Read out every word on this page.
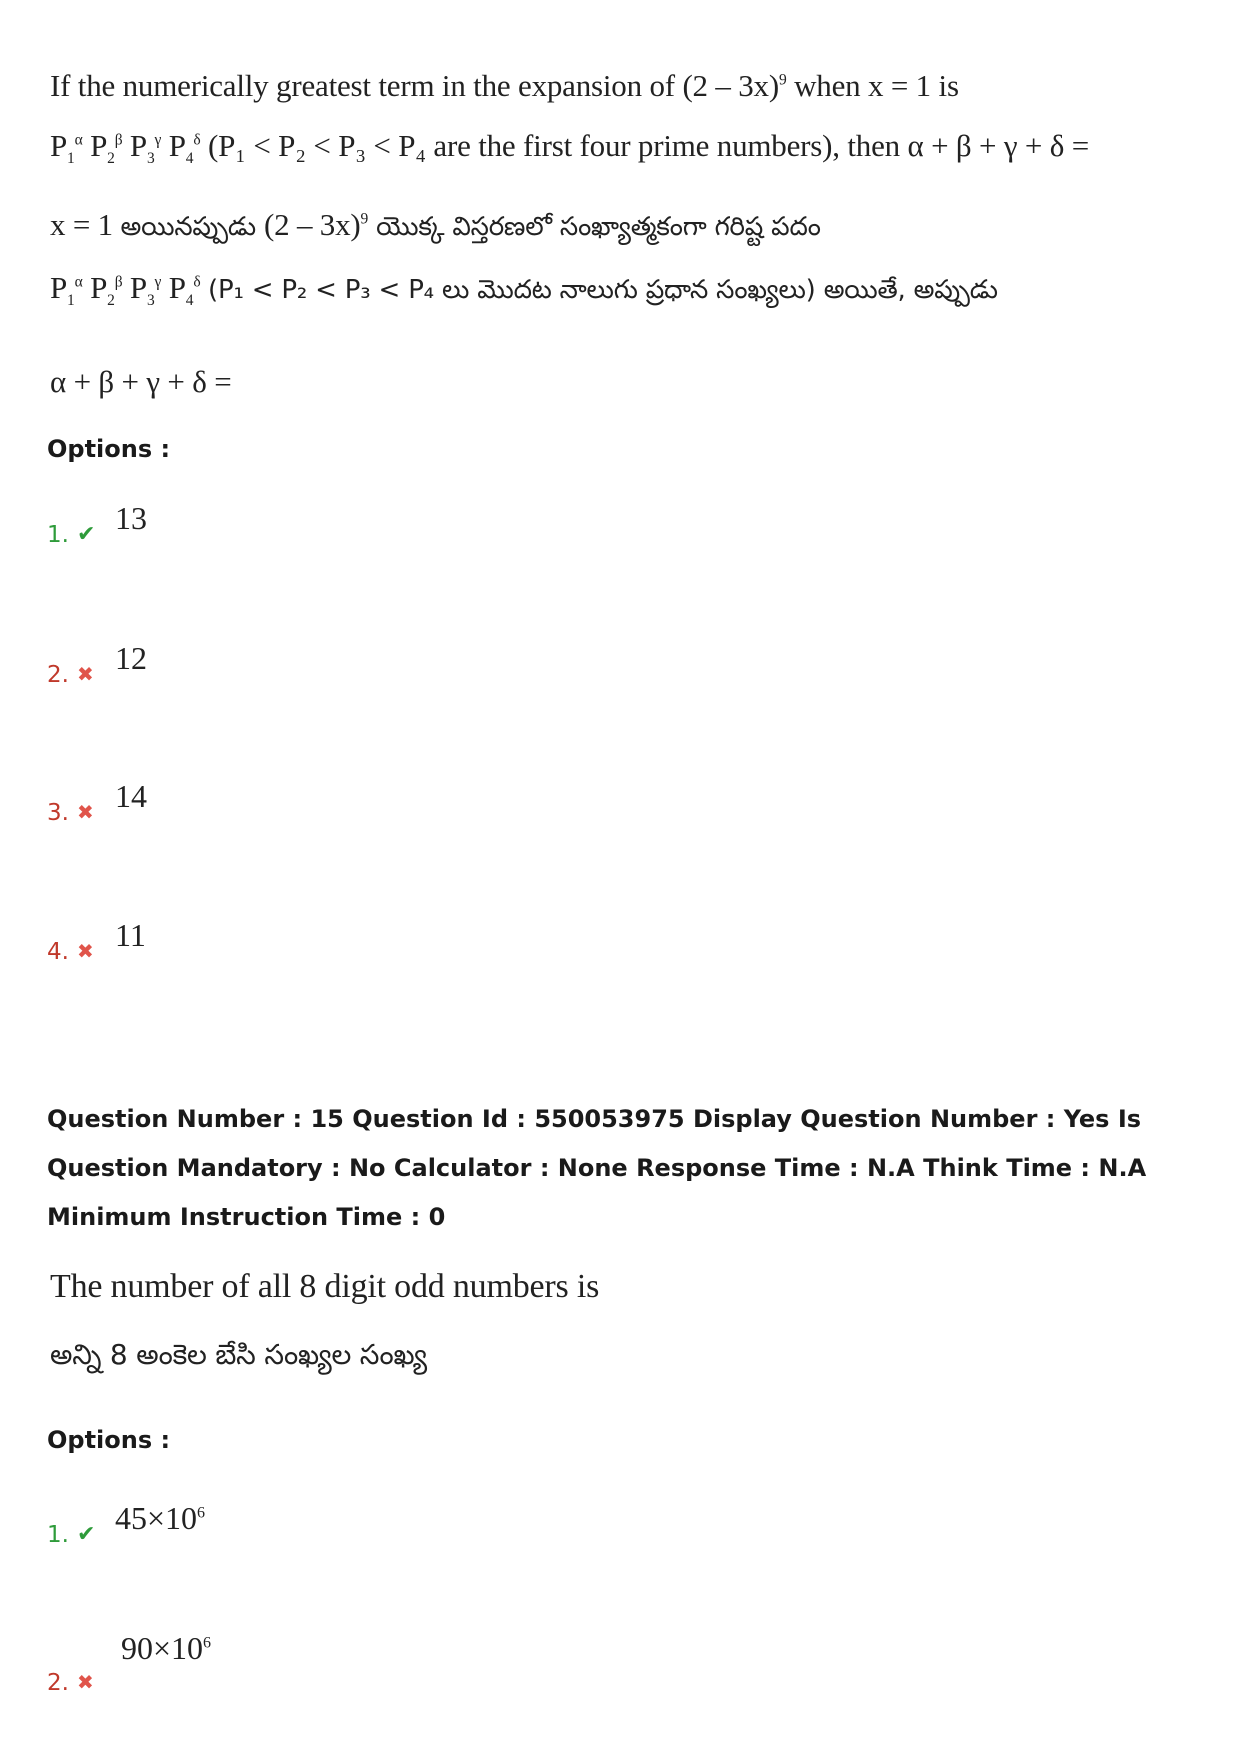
If the numerically greatest term in the expansion of (2 – 3x)$^9$ when x = 1 is
$P_1^\alpha$ $P_2^\beta$ $P_3^\gamma$ $P_4^\delta$ (P₁ < P₂ < P₃ < P₄ are the first four prime numbers), then α + β + γ + δ =
x = 1 అయినప్పుడు (2 – 3x)$^9$ యొక్క విస్తరణలో సంఖ్యాత్మకంగా గరిష్ట పదం
$P_1^\alpha$ $P_2^\beta$ $P_3^\gamma$ $P_4^\delta$ (P₁ < P₂ < P₃ < P₄ లు మొదట నాలుగు ప్రధాన సంఖ్యలు) అయితే, అప్పుడు
α + β + γ + δ =
Options :
1. ✔ 13
2. ✖ 12
3. ✖ 14
4. ✖ 11
Question Number : 15 Question Id : 550053975 Display Question Number : Yes Is Question Mandatory : No Calculator : None Response Time : N.A Think Time : N.A Minimum Instruction Time : 0
The number of all 8 digit odd numbers is
అన్ని 8 అంకెల బేసి సంఖ్యల సంఖ్య
Options :
1. ✔ $45\times 10^6$
2. ✖
$90\times 10^6$
